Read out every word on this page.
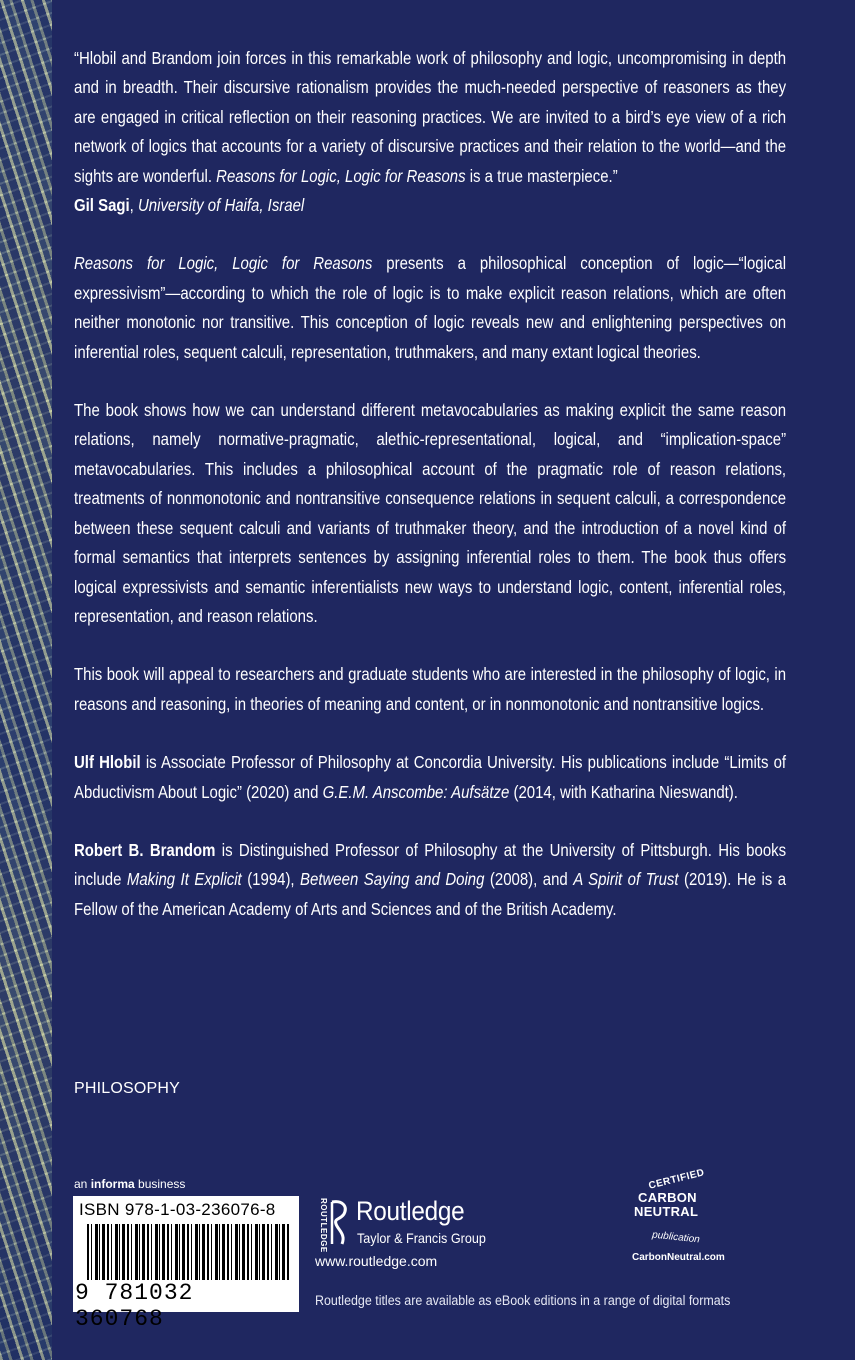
“Hlobil and Brandom join forces in this remarkable work of philosophy and logic, uncompromising in depth and in breadth. Their discursive rationalism provides the much-needed perspective of reasoners as they are engaged in critical reflection on their reasoning practices. We are invited to a bird’s eye view of a rich network of logics that accounts for a variety of discursive practices and their relation to the world—and the sights are wonderful. Reasons for Logic, Logic for Reasons is a true masterpiece.”

Gil Sagi, University of Haifa, Israel

Reasons for Logic, Logic for Reasons presents a philosophical conception of logic—“logical expressivism”—according to which the role of logic is to make explicit reason relations, which are often neither monotonic nor transitive. This conception of logic reveals new and enlightening perspectives on inferential roles, sequent calculi, representation, truthmakers, and many extant logical theories.

The book shows how we can understand different metavocabularies as making explicit the same reason relations, namely normative-pragmatic, alethic-representational, logical, and “implication-space” metavocabularies. This includes a philosophical account of the pragmatic role of reason relations, treatments of nonmonotonic and nontransitive consequence relations in sequent calculi, a correspondence between these sequent calculi and variants of truthmaker theory, and the introduction of a novel kind of formal semantics that interprets sentences by assigning inferential roles to them. The book thus offers logical expressivists and semantic inferentialists new ways to understand logic, content, inferential roles, representation, and reason relations.

This book will appeal to researchers and graduate students who are interested in the philosophy of logic, in reasons and reasoning, in theories of meaning and content, or in nonmonotonic and nontransitive logics.

Ulf Hlobil is Associate Professor of Philosophy at Concordia University. His publications include “Limits of Abductivism About Logic” (2020) and G.E.M. Anscombe: Aufsätze (2014, with Katharina Nieswandt).

Robert B. Brandom is Distinguished Professor of Philosophy at the University of Pittsburgh. His books include Making It Explicit (1994), Between Saying and Doing (2008), and A Spirit of Trust (2019). He is a Fellow of the American Academy of Arts and Sciences and of the British Academy.

PHILOSOPHY
an informa business
ISBN 978-1-03-236076-8
9 781032 360768
ROUTLEDGE Routledge
Taylor & Francis Group
www.routledge.com
Routledge titles are available as eBook editions in a range of digital formats
CERTIFIED
CARBON
NEUTRAL
publication
CarbonNeutral.com
